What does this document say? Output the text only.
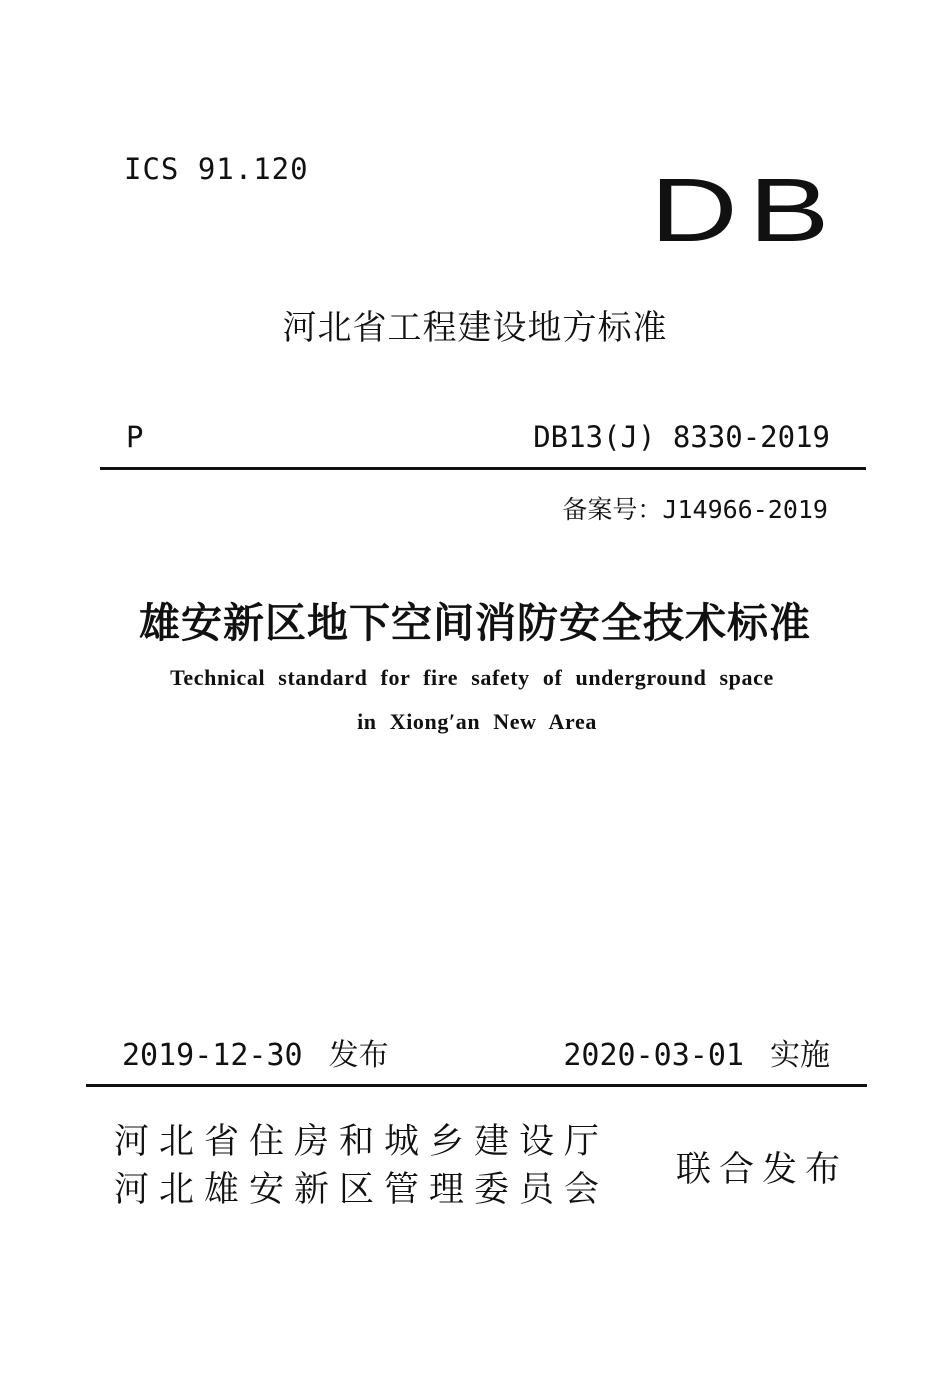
ICS 91.120	DB
河北省工程建设地方标准
P	DB13(J) 8330-2019
备案号：J14966-2019
雄安新区地下空间消防安全技术标准
Technical standard for fire safety of underground space
in Xiong′an New Area
2019-12-30 发布	2020-03-01 实施
河北省住房和城乡建设厅
河北雄安新区管理委员会 联合发布
